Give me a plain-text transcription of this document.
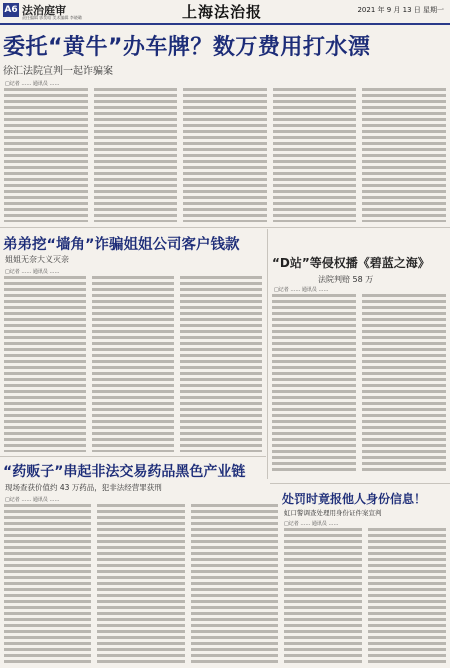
A6 法治庭审
责任编辑 郭奕晗 美术编辑 李晓璐	上海法治报	2021 年 9 月 13 日 星期一
委托“黄牛”办车牌？数万费用打水漂
徐汇法院宣判一起诈骗案
□记者 …… 通讯员 ……
弟弟挖“墙角”诈骗姐姐公司客户钱款
姐姐无奈大义灭亲
□记者 …… 通讯员 ……
“D站”等侵权播《碧蓝之海》
法院判赔 58 万
□记者 …… 通讯员 ……
“药贩子”串起非法交易药品黑色产业链
现场查获价值约 43 万药品，犯非法经营罪获刑
□记者 …… 通讯员 ……	处罚时竟报他人身份信息！
虹口警调查处理用身份证件案宣判
□记者 …… 通讯员 ……
